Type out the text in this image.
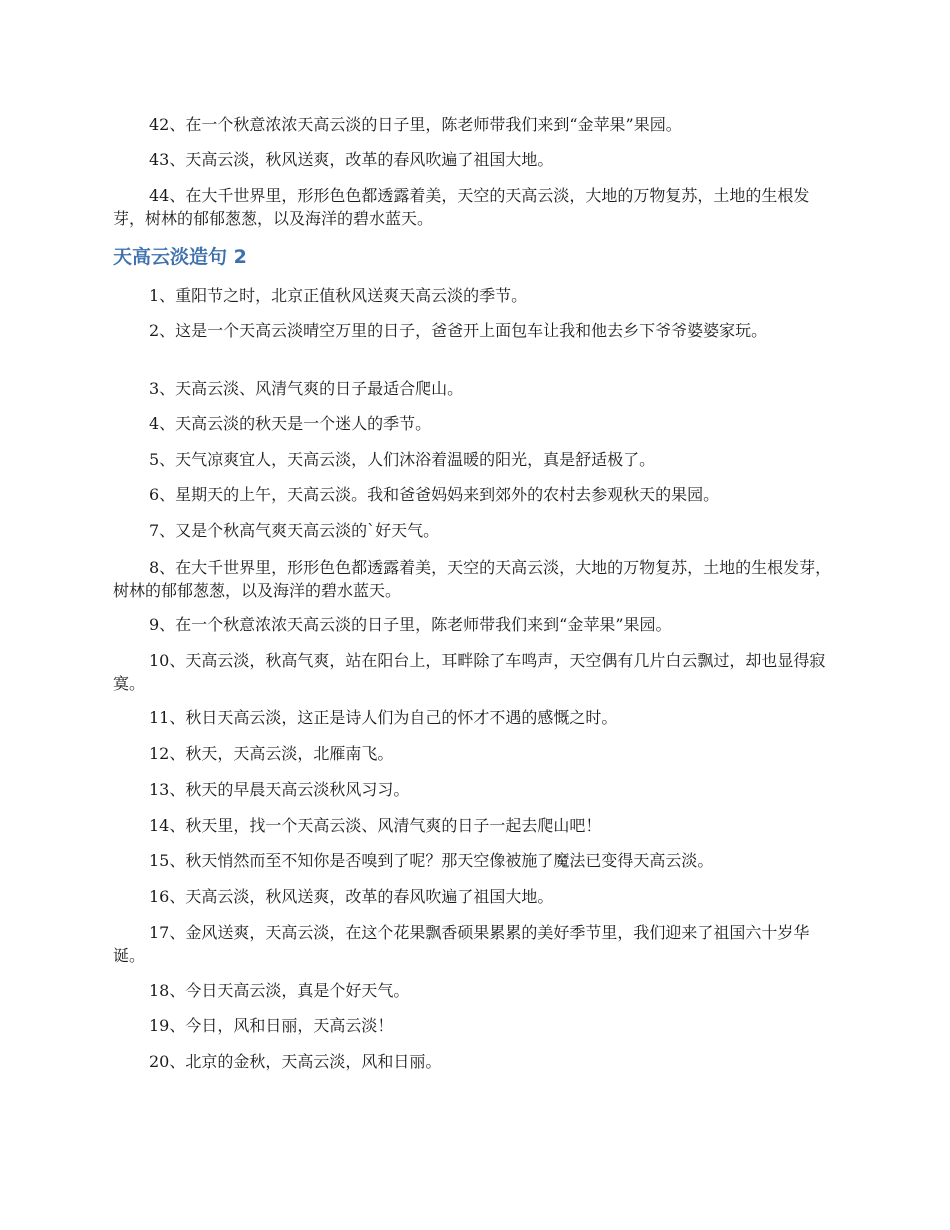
42、在一个秋意浓浓天高云淡的日子里，陈老师带我们来到“金苹果”果园。

43、天高云淡，秋风送爽，改革的春风吹遍了祖国大地。

44、在大千世界里，形形色色都透露着美，天空的天高云淡，大地的万物复苏，土地的生根发芽，树林的郁郁葱葱，以及海洋的碧水蓝天。

天高云淡造句 2

1、重阳节之时，北京正值秋风送爽天高云淡的季节。

2、这是一个天高云淡晴空万里的日子，爸爸开上面包车让我和他去乡下爷爷婆婆家玩。

3、天高云淡、风清气爽的日子最适合爬山。

4、天高云淡的秋天是一个迷人的季节。

5、天气凉爽宜人，天高云淡，人们沐浴着温暖的阳光，真是舒适极了。

6、星期天的上午，天高云淡。我和爸爸妈妈来到郊外的农村去参观秋天的果园。

7、又是个秋高气爽天高云淡的`好天气。

8、在大千世界里，形形色色都透露着美，天空的天高云淡，大地的万物复苏，土地的生根发芽，树林的郁郁葱葱，以及海洋的碧水蓝天。

9、在一个秋意浓浓天高云淡的日子里，陈老师带我们来到“金苹果”果园。

10、天高云淡，秋高气爽，站在阳台上，耳畔除了车鸣声，天空偶有几片白云飘过，却也显得寂寞。

11、秋日天高云淡，这正是诗人们为自己的怀才不遇的感慨之时。

12、秋天，天高云淡，北雁南飞。

13、秋天的早晨天高云淡秋风习习。

14、秋天里，找一个天高云淡、风清气爽的日子一起去爬山吧！

15、秋天悄然而至不知你是否嗅到了呢？那天空像被施了魔法已变得天高云淡。

16、天高云淡，秋风送爽，改革的春风吹遍了祖国大地。

17、金风送爽，天高云淡，在这个花果飘香硕果累累的美好季节里，我们迎来了祖国六十岁华诞。

18、今日天高云淡，真是个好天气。

19、今日，风和日丽，天高云淡！

20、北京的金秋，天高云淡，风和日丽。
